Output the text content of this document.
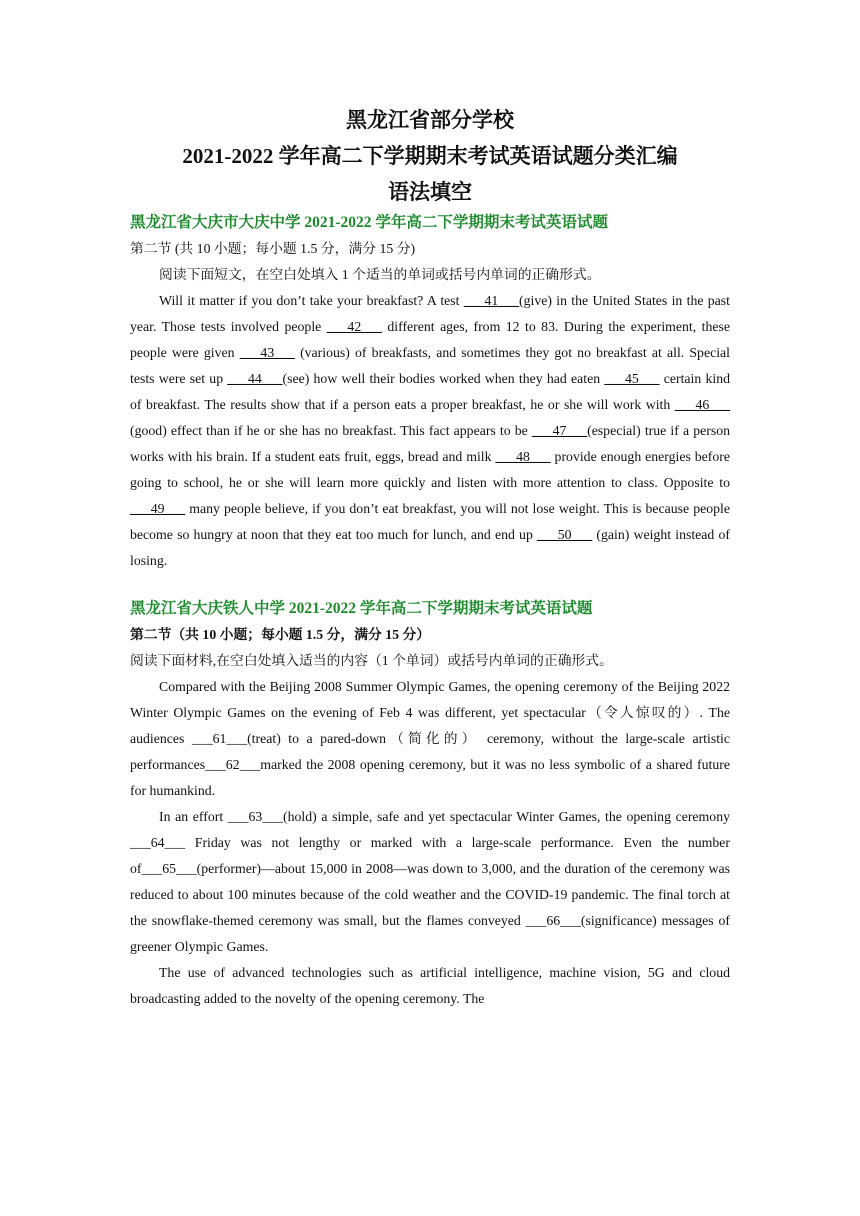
黑龙江省部分学校

2021-2022 学年高二下学期期末考试英语试题分类汇编

语法填空

黑龙江省大庆市大庆中学 2021-2022 学年高二下学期期末考试英语试题

第二节 (共 10 小题；每小题 1.5 分，满分 15 分)

阅读下面短文，在空白处填入 1 个适当的单词或括号内单词的正确形式。

Will it matter if you don’t take your breakfast? A test ___41___(give) in the United States in the past year. Those tests involved people ___42___ different ages, from 12 to 83. During the experiment, these people were given ___43___ (various) of breakfasts, and sometimes they got no breakfast at all. Special tests were set up ___44___(see) how well their bodies worked when they had eaten ___45___ certain kind of breakfast. The results show that if a person eats a proper breakfast, he or she will work with ___46___ (good) effect than if he or she has no breakfast. This fact appears to be ___47___(especial) true if a person works with his brain. If a student eats fruit, eggs, bread and milk ___48___ provide enough energies before going to school, he or she will learn more quickly and listen with more attention to class. Opposite to ___49___ many people believe, if you don’t eat breakfast, you will not lose weight. This is because people become so hungry at noon that they eat too much for lunch, and end up ___50___ (gain) weight instead of losing.

黑龙江省大庆铁人中学 2021-2022 学年高二下学期期末考试英语试题

第二节（共 10 小题；每小题 1.5 分，满分 15 分）

阅读下面材料,在空白处填入适当的内容（1 个单词）或括号内单词的正确形式。

Compared with the Beijing 2008 Summer Olympic Games, the opening ceremony of the Beijing 2022 Winter Olympic Games on the evening of Feb 4 was different, yet spectacular（令人惊叹的）. The audiences ___61___(treat) to a pared-down（简化的） ceremony, without the large-scale artistic performances___62___marked the 2008 opening ceremony, but it was no less symbolic of a shared future for humankind.

In an effort ___63___(hold) a simple, safe and yet spectacular Winter Games, the opening ceremony ___64___ Friday was not lengthy or marked with a large-scale performance. Even the number of___65___(performer)—about 15,000 in 2008—was down to 3,000, and the duration of the ceremony was reduced to about 100 minutes because of the cold weather and the COVID-19 pandemic. The final torch at the snowflake-themed ceremony was small, but the flames conveyed ___66___(significance) messages of greener Olympic Games.

The use of advanced technologies such as artificial intelligence, machine vision, 5G and cloud broadcasting added to the novelty of the opening ceremony. The
